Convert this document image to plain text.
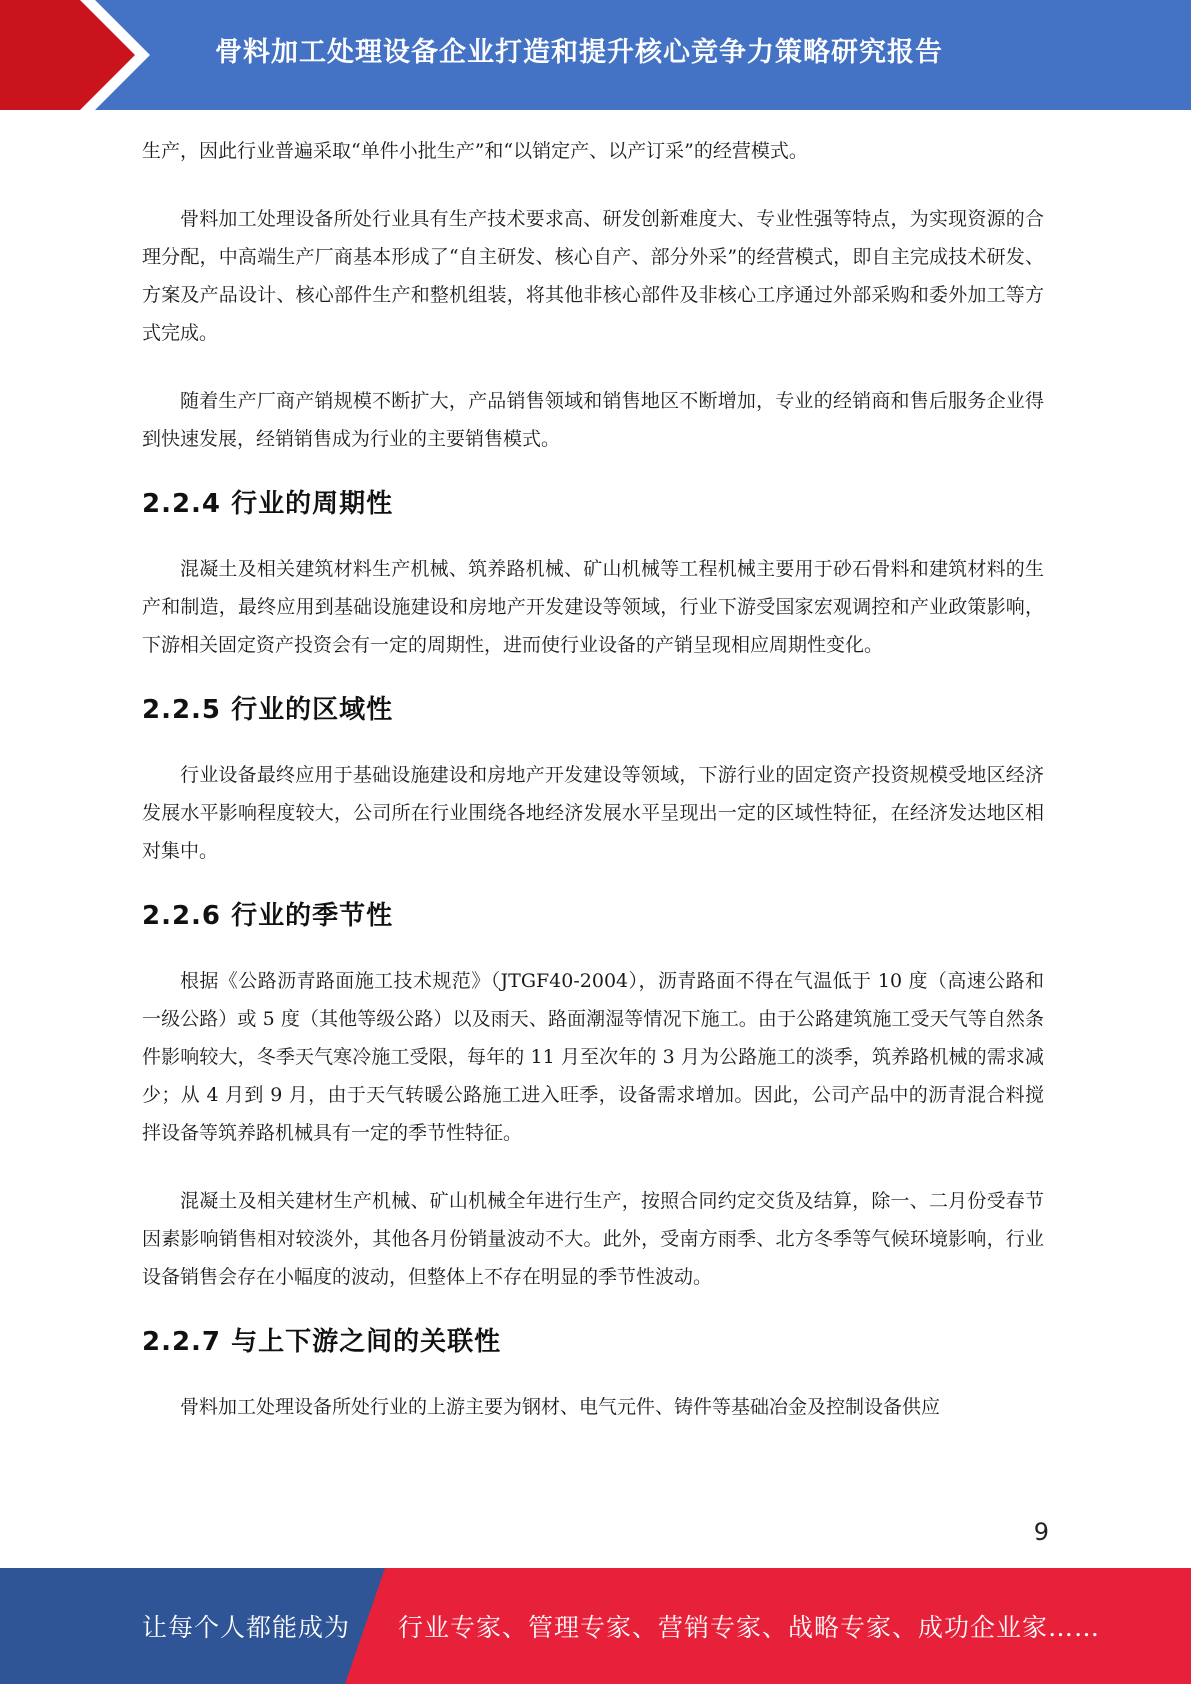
骨料加工处理设备企业打造和提升核心竞争力策略研究报告

生产，因此行业普遍采取“单件小批生产”和“以销定产、以产订采”的经营模式。

骨料加工处理设备所处行业具有生产技术要求高、研发创新难度大、专业性强等特点，为实现资源的合理分配，中高端生产厂商基本形成了“自主研发、核心自产、部分外采”的经营模式，即自主完成技术研发、方案及产品设计、核心部件生产和整机组装，将其他非核心部件及非核心工序通过外部采购和委外加工等方式完成。

随着生产厂商产销规模不断扩大，产品销售领域和销售地区不断增加，专业的经销商和售后服务企业得到快速发展，经销销售成为行业的主要销售模式。

2.2.4 行业的周期性

混凝土及相关建筑材料生产机械、筑养路机械、矿山机械等工程机械主要用于砂石骨料和建筑材料的生产和制造，最终应用到基础设施建设和房地产开发建设等领域，行业下游受国家宏观调控和产业政策影响，下游相关固定资产投资会有一定的周期性，进而使行业设备的产销呈现相应周期性变化。

2.2.5 行业的区域性

行业设备最终应用于基础设施建设和房地产开发建设等领域，下游行业的固定资产投资规模受地区经济发展水平影响程度较大，公司所在行业围绕各地经济发展水平呈现出一定的区域性特征，在经济发达地区相对集中。

2.2.6 行业的季节性

根据《公路沥青路面施工技术规范》（JTGF40-2004），沥青路面不得在气温低于 10 度（高速公路和一级公路）或 5 度（其他等级公路）以及雨天、路面潮湿等情况下施工。由于公路建筑施工受天气等自然条件影响较大，冬季天气寒冷施工受限，每年的 11 月至次年的 3 月为公路施工的淡季，筑养路机械的需求减少；从 4 月到 9 月，由于天气转暖公路施工进入旺季，设备需求增加。因此，公司产品中的沥青混合料搅拌设备等筑养路机械具有一定的季节性特征。

混凝土及相关建材生产机械、矿山机械全年进行生产，按照合同约定交货及结算，除一、二月份受春节因素影响销售相对较淡外，其他各月份销量波动不大。此外，受南方雨季、北方冬季等气候环境影响，行业设备销售会存在小幅度的波动，但整体上不存在明显的季节性波动。

2.2.7 与上下游之间的关联性

骨料加工处理设备所处行业的上游主要为钢材、电气元件、铸件等基础冶金及控制设备供应

9
让每个人都能成为 行业专家、管理专家、营销专家、战略专家、成功企业家……
